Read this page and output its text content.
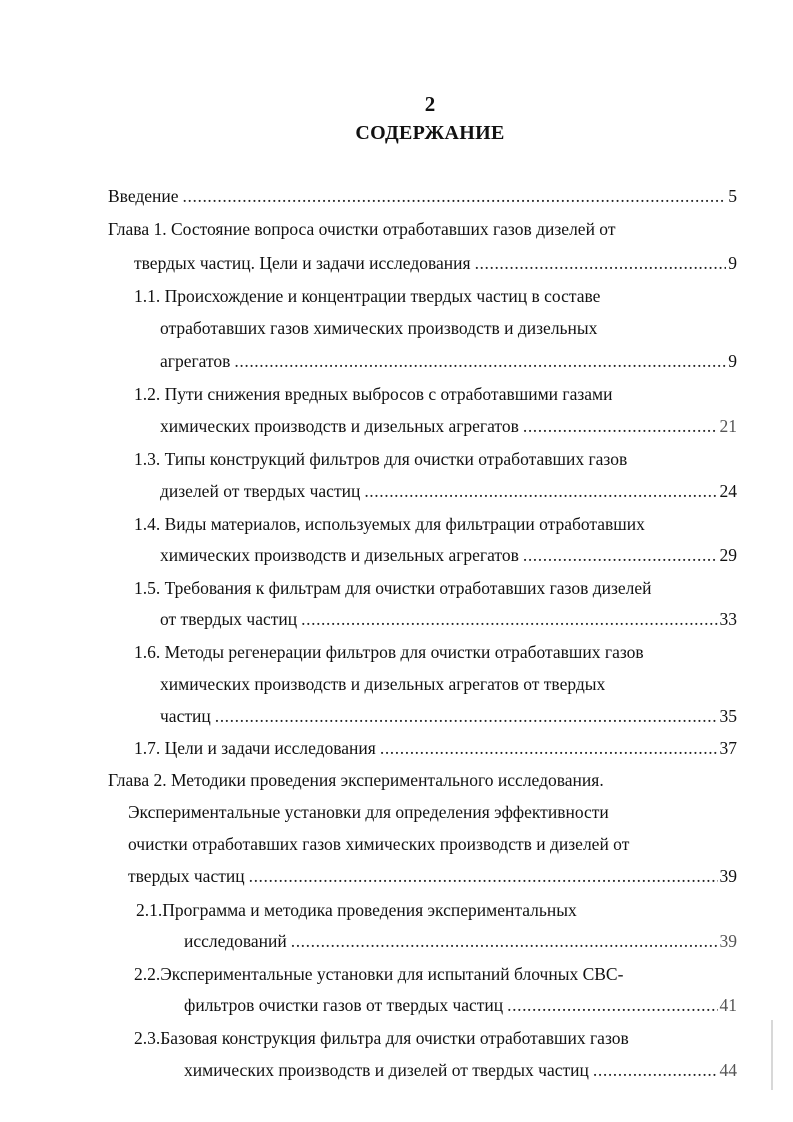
2
СОДЕРЖАНИЕ
Введение .....	5
Глава 1. Состояние вопроса очистки отработавших газов дизелей от
твердых частиц. Цели и задачи исследования .....	9
1.1. Происхождение и концентрации твердых частиц в составе
отработавших газов химических производств и дизельных
агрегатов .....	9
1.2. Пути снижения вредных выбросов с отработавшими газами
химических производств и дизельных агрегатов .....	21
1.3. Типы конструкций фильтров для очистки отработавших газов
дизелей от твердых частиц .....	24
1.4. Виды материалов, используемых для фильтрации отработавших
химических производств и дизельных агрегатов .....	29
1.5. Требования к фильтрам для очистки отработавших газов дизелей
от твердых частиц .....	33
1.6. Методы регенерации фильтров для очистки отработавших газов
химических производств и дизельных агрегатов от твердых
частиц .....	35
1.7. Цели и задачи исследования .....	37
Глава 2. Методики проведения экспериментального исследования.
Экспериментальные установки для определения эффективности
очистки отработавших газов химических производств и дизелей от
твердых частиц .....	39
2.1.Программа и методика проведения экспериментальных
исследований .....	39
2.2.Экспериментальные установки для испытаний блочных СВС-
фильтров очистки газов от твердых частиц .....	41
2.3.Базовая конструкция фильтра для очистки отработавших газов
химических производств и дизелей от твердых частиц .....	44
